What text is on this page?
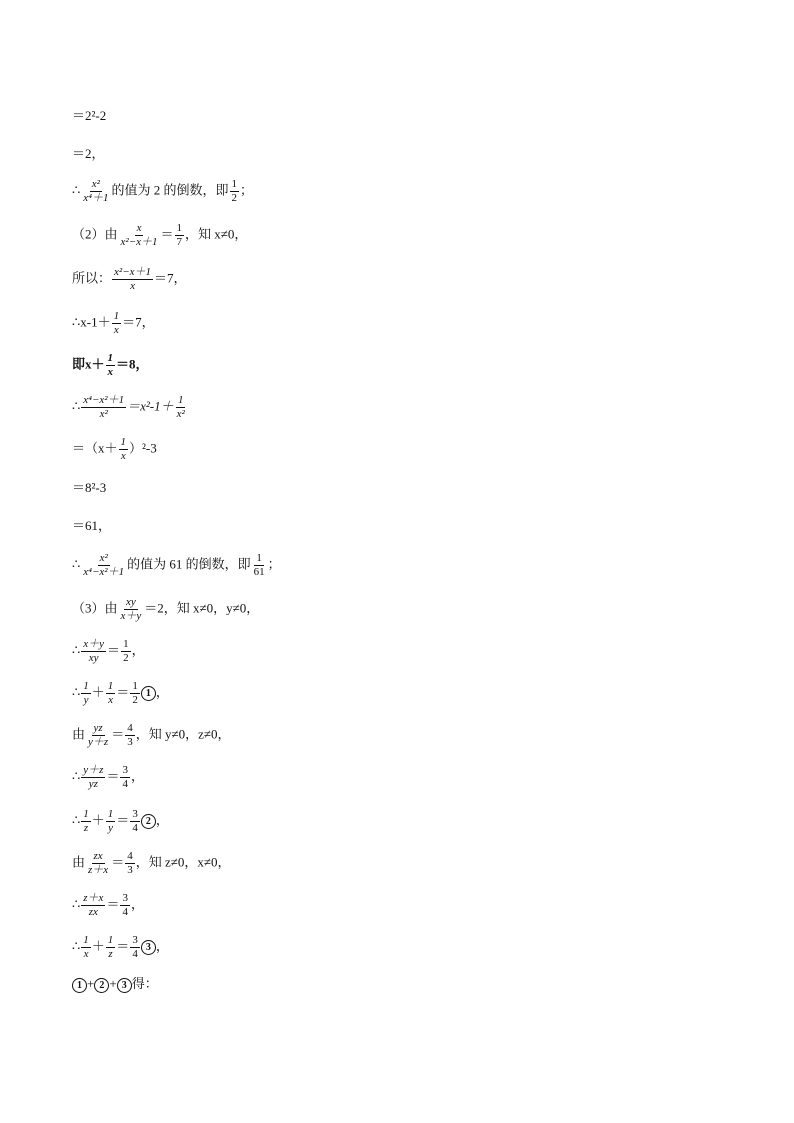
＝2²-2
＝2，
∴ $\frac{\text{x²}}{\text{x⁴＋1}}$ 的值为 2 的倒数，即 $\frac{1}{2}$ ；
（2）由 $\frac{x}{\text{x²−x＋1}} = \frac{1}{7}$ ，知 x≠0，
所以： $\frac{\text{x²−x＋1}}{x} =7$，
∴x-1＋ $\frac{1}{x} =7$，
即$x+ \frac{1}{x} =8$，
∴ $\frac{\text{x⁴−x²＋1}}{\text{x²}} =x^2-1+ \frac{1}{\text{x²}}$
$=(x+ \frac{1}{x} )^2-3$
＝8²-3
＝61，
∴ $\frac{\text{x²}}{\text{x⁴−x²＋1}}$ 的值为 61 的倒数，即 $\frac{1}{61}$ ；
（3）由 $\frac{xy}{x+y} =2$，知 x≠0，y≠0，
∴ $\frac{x+y}{xy} = \frac{1}{2}$ ，
∴ $\frac{1}{y} + \frac{1}{x} = \frac{1}{2} 1$ ，
由 $\frac{yz}{y+z} = \frac{4}{3}$ ，知 y≠0，z≠0，
∴ $\frac{y+z}{yz} = \frac{3}{4}$ ，
∴ $\frac{1}{z} + \frac{1}{y} = \frac{3}{4} 2$ ，
由 $\frac{zx}{z+x} = \frac{4}{3}$ ，知 z≠0，x≠0，
∴ $\frac{z+x}{zx} = \frac{3}{4}$ ，
∴ $\frac{1}{x} + \frac{1}{z} = \frac{3}{4} 3$ ，
1 + 2 + 3 得：
